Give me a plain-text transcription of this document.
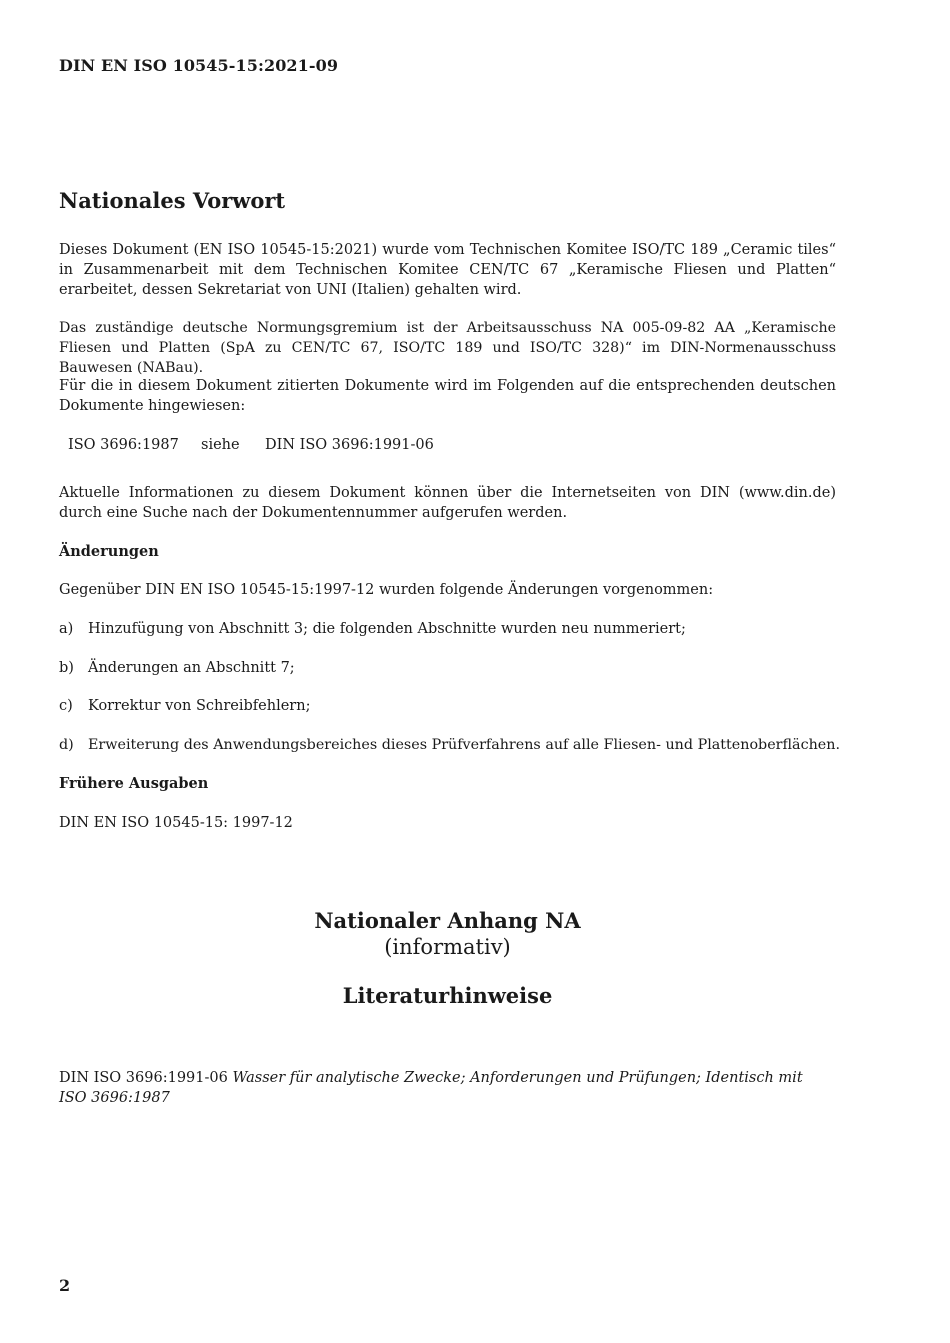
DIN EN ISO 10545-15:2021-09
Nationales Vorwort

Dieses Dokument (EN ISO 10545-15:2021) wurde vom Technischen Komitee ISO/TC 189 „Ceramic tiles“ in Zusammenarbeit mit dem Technischen Komitee CEN/TC 67 „Keramische Fliesen und Platten“ erarbeitet, dessen Sekretariat von UNI (Italien) gehalten wird.

Das zuständige deutsche Normungsgremium ist der Arbeitsausschuss NA 005-09-82 AA „Keramische Fliesen und Platten (SpA zu CEN/TC 67, ISO/TC 189 und ISO/TC 328)“ im DIN-Normenausschuss Bauwesen (NABau).

Für die in diesem Dokument zitierten Dokumente wird im Folgenden auf die entsprechenden deutschen Dokumente hingewiesen:

ISO 3696:1987 siehe DIN ISO 3696:1991-06

Aktuelle Informationen zu diesem Dokument können über die Internetseiten von DIN (www.din.de) durch eine Suche nach der Dokumentennummer aufgerufen werden.

Änderungen

Gegenüber DIN EN ISO 10545-15:1997-12 wurden folgende Änderungen vorgenommen:

a) Hinzufügung von Abschnitt 3; die folgenden Abschnitte wurden neu nummeriert;
b) Änderungen an Abschnitt 7;
c) Korrektur von Schreibfehlern;
d) Erweiterung des Anwendungsbereiches dieses Prüfverfahrens auf alle Fliesen- und Plattenoberflächen.

Frühere Ausgaben

DIN EN ISO 10545-15: 1997-12

Nationaler Anhang NA
(informativ)
Literaturhinweise
DIN ISO 3696:1991-06 Wasser für analytische Zwecke; Anforderungen und Prüfungen; Identisch mit
ISO 3696:1987
2
